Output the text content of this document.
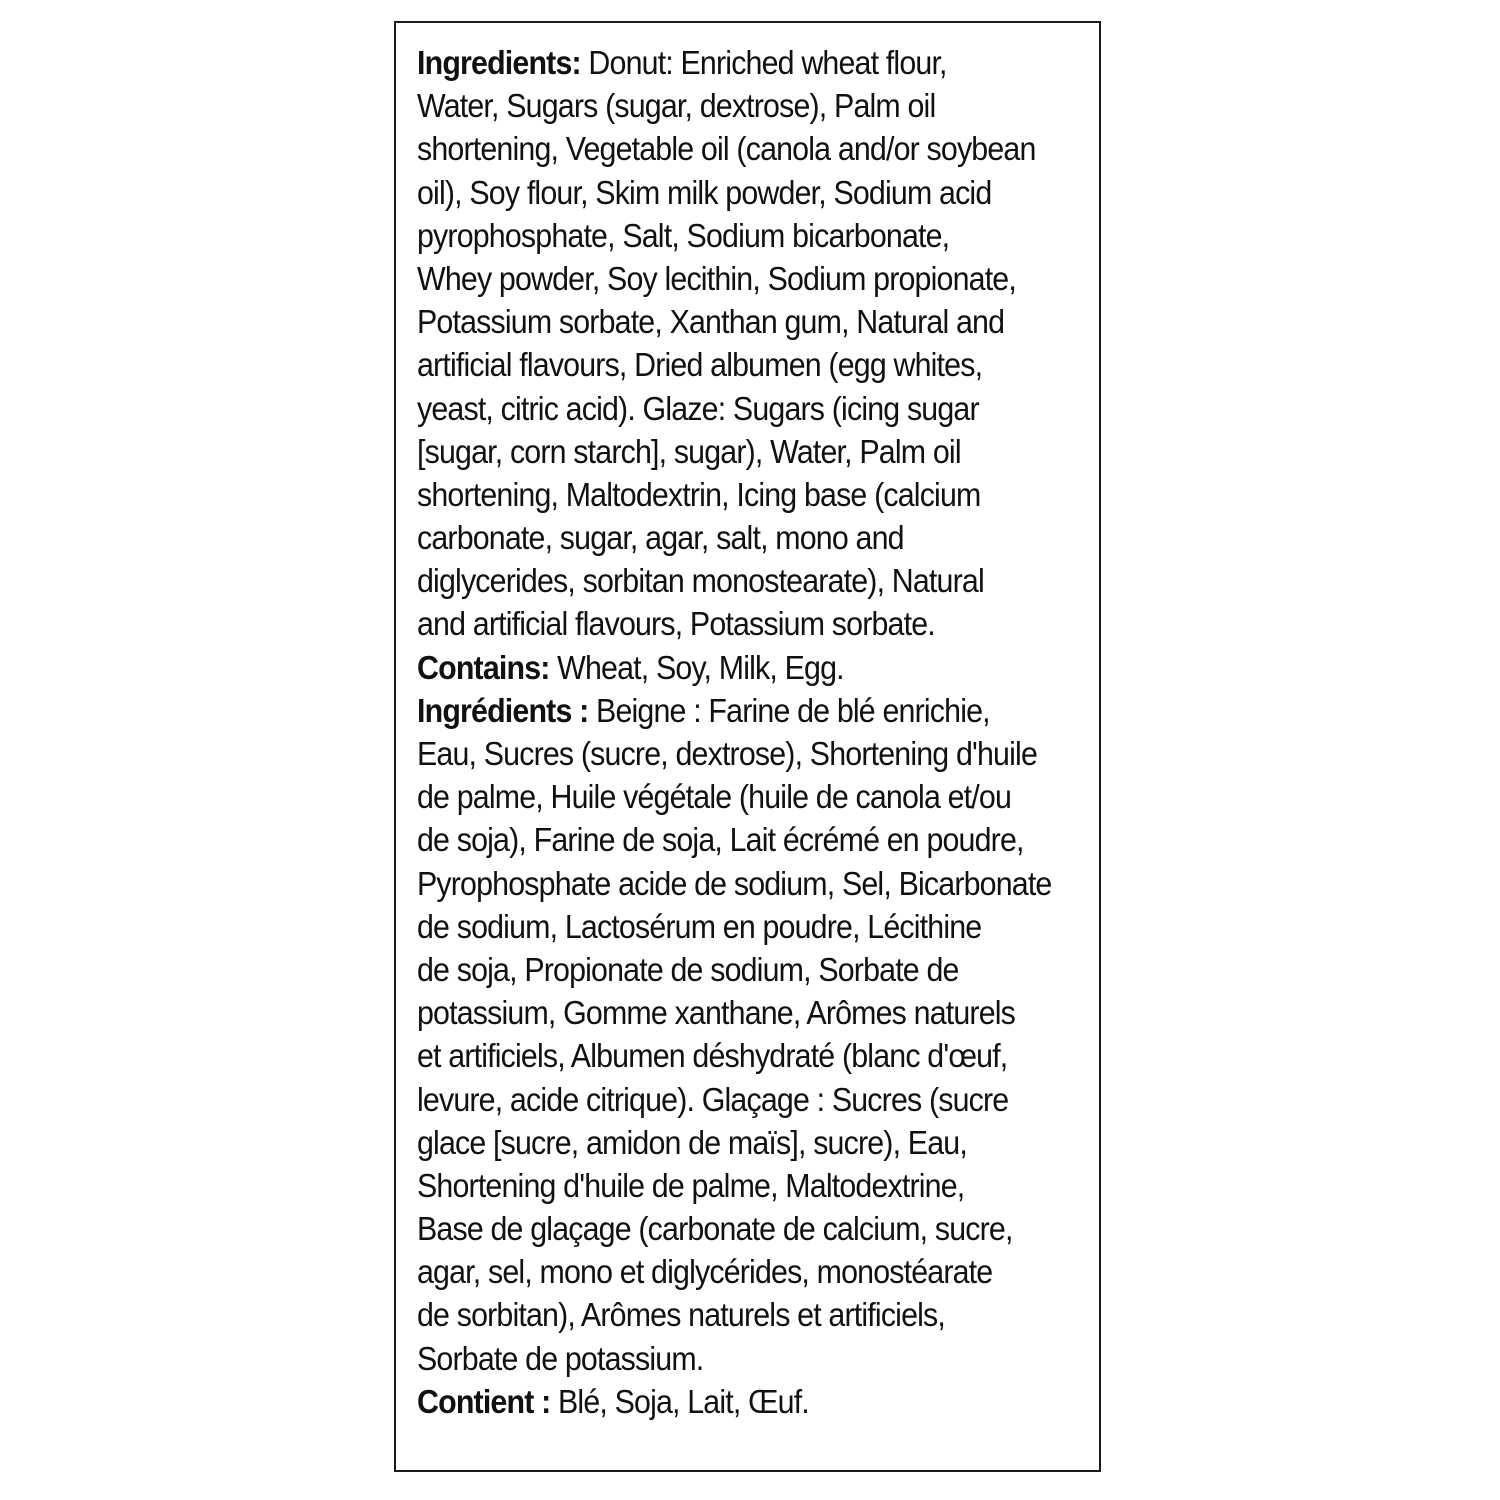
Ingredients: Donut: Enriched wheat flour,
Water, Sugars (sugar, dextrose), Palm oil
shortening, Vegetable oil (canola and/or soybean
oil), Soy flour, Skim milk powder, Sodium acid
pyrophosphate, Salt, Sodium bicarbonate,
Whey powder, Soy lecithin, Sodium propionate,
Potassium sorbate, Xanthan gum, Natural and
artificial flavours, Dried albumen (egg whites,
yeast, citric acid). Glaze: Sugars (icing sugar
[sugar, corn starch], sugar), Water, Palm oil
shortening, Maltodextrin, Icing base (calcium
carbonate, sugar, agar, salt, mono and
diglycerides, sorbitan monostearate), Natural
and artificial flavours, Potassium sorbate.
Contains: Wheat, Soy, Milk, Egg.
Ingrédients : Beigne : Farine de blé enrichie,
Eau, Sucres (sucre, dextrose), Shortening d'huile
de palme, Huile végétale (huile de canola et/ou
de soja), Farine de soja, Lait écrémé en poudre,
Pyrophosphate acide de sodium, Sel, Bicarbonate
de sodium, Lactosérum en poudre, Lécithine
de soja, Propionate de sodium, Sorbate de
potassium, Gomme xanthane, Arômes naturels
et artificiels, Albumen déshydraté (blanc d'œuf,
levure, acide citrique). Glaçage : Sucres (sucre
glace [sucre, amidon de maïs], sucre), Eau,
Shortening d'huile de palme, Maltodextrine,
Base de glaçage (carbonate de calcium, sucre,
agar, sel, mono et diglycérides, monostéarate
de sorbitan), Arômes naturels et artificiels,
Sorbate de potassium.
Contient : Blé, Soja, Lait, Œuf.
